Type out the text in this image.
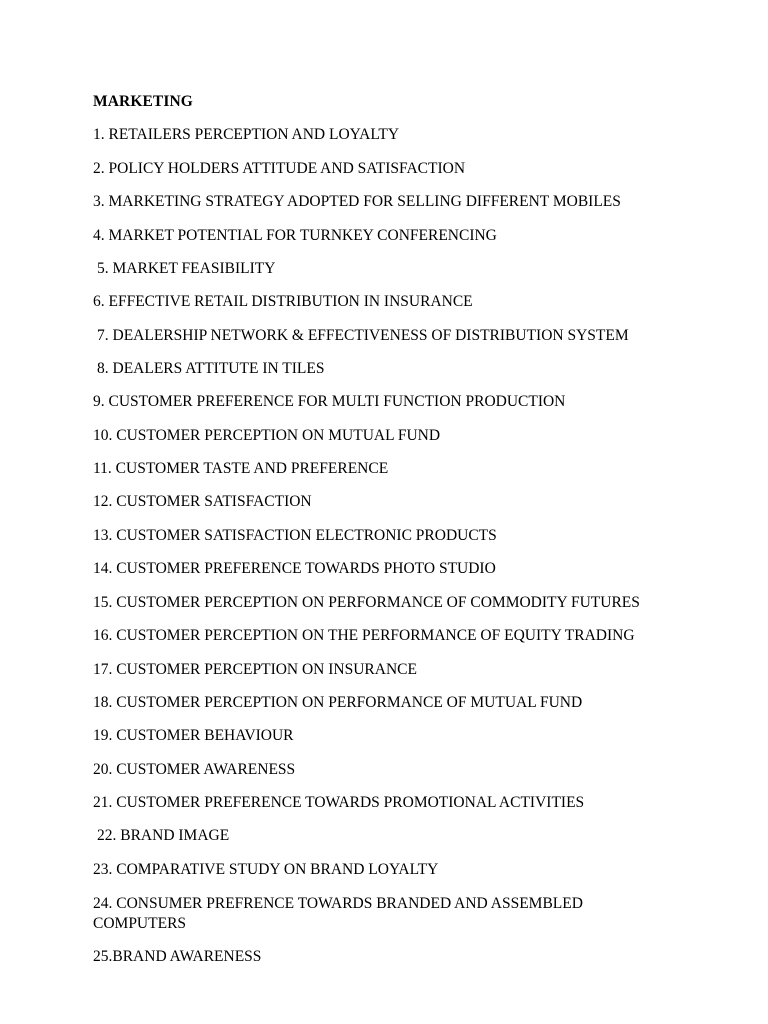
MARKETING
1. RETAILERS PERCEPTION AND LOYALTY
2. POLICY HOLDERS ATTITUDE AND SATISFACTION
3. MARKETING STRATEGY ADOPTED FOR SELLING DIFFERENT MOBILES
4. MARKET POTENTIAL FOR TURNKEY CONFERENCING
5. MARKET FEASIBILITY
6. EFFECTIVE RETAIL DISTRIBUTION IN INSURANCE
7. DEALERSHIP NETWORK & EFFECTIVENESS OF DISTRIBUTION SYSTEM
8. DEALERS ATTITUTE IN TILES
9. CUSTOMER PREFERENCE FOR MULTI FUNCTION PRODUCTION
10. CUSTOMER PERCEPTION ON MUTUAL FUND
11. CUSTOMER TASTE AND PREFERENCE
12. CUSTOMER SATISFACTION
13. CUSTOMER SATISFACTION ELECTRONIC PRODUCTS
14. CUSTOMER PREFERENCE TOWARDS PHOTO STUDIO
15. CUSTOMER PERCEPTION ON PERFORMANCE OF COMMODITY FUTURES
16. CUSTOMER PERCEPTION ON THE PERFORMANCE OF EQUITY TRADING
17. CUSTOMER PERCEPTION ON INSURANCE
18. CUSTOMER PERCEPTION ON PERFORMANCE OF MUTUAL FUND
19. CUSTOMER BEHAVIOUR
20. CUSTOMER AWARENESS
21. CUSTOMER PREFERENCE TOWARDS PROMOTIONAL ACTIVITIES
22. BRAND IMAGE
23. COMPARATIVE STUDY ON BRAND LOYALTY
24. CONSUMER PREFRENCE TOWARDS BRANDED AND ASSEMBLED COMPUTERS
25.BRAND AWARENESS
